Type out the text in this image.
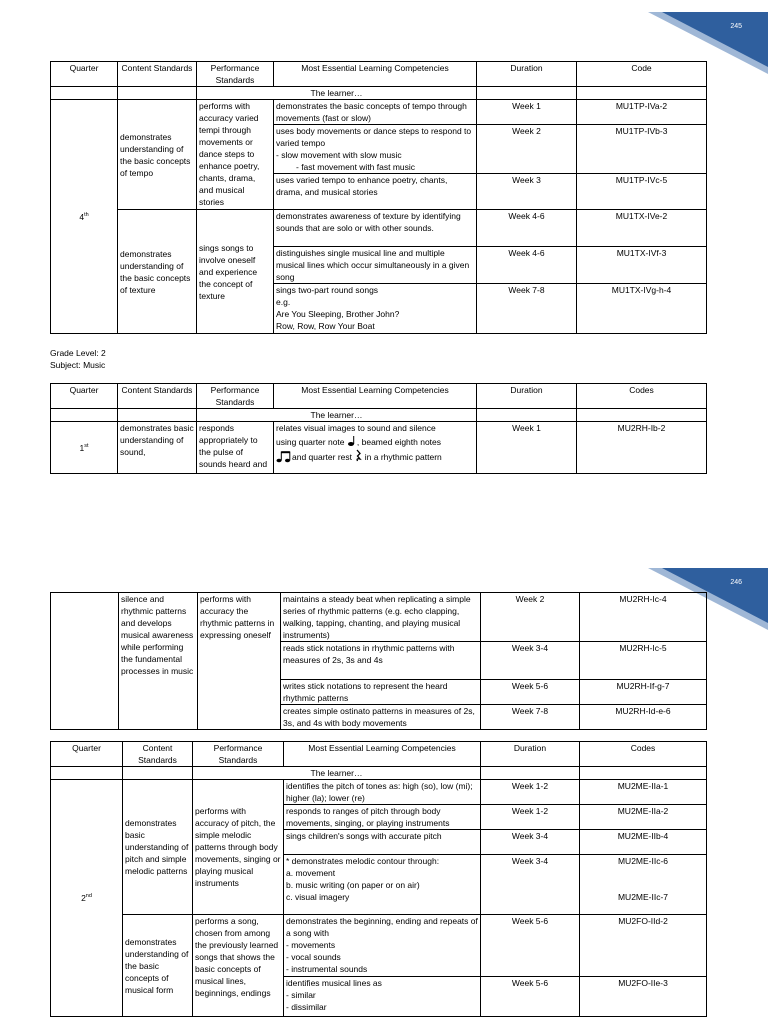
245
Quarter	Content Standards	Performance Standards	Most Essential Learning Competencies	Duration	Code
		The learner…			
4th	demonstrates understanding of the basic concepts of tempo	performs with accuracy varied tempi through movements or dance steps to enhance poetry, chants, drama, and musical stories	demonstrates the basic concepts of tempo through movements (fast or slow)	Week 1	MU1TP-IVa-2

			uses body movements or dance steps to respond to varied tempo
- slow movement with slow music
- fast movement with fast music	Week 2	MU1TP-IVb-3

			uses varied tempo to enhance poetry, chants, drama, and musical stories	Week 3	MU1TP-IVc-5
	demonstrates understanding of the basic concepts of texture	sings songs to involve oneself and experience the concept of texture	demonstrates awareness of texture by identifying sounds that are solo or with other sounds.	Week 4-6	MU1TX-IVe-2

			distinguishes single musical line and multiple musical lines which occur simultaneously in a given song	Week 4-6	MU1TX-IVf-3

			sings two-part round songs
e.g.
Are You Sleeping, Brother John?
Row, Row, Row Your Boat	Week 7-8	MU1TX-IVg-h-4
Grade Level: 2
Subject: Music
Quarter	Content Standards	Performance Standards	Most Essential Learning Competencies	Duration	Codes
		The learner…			
1st	demonstrates basic understanding of sound,	responds appropriately to the pulse of sounds heard and	relates visual images to sound and silence
using quarter note , beamed eighth notes
and quarter rest in a rhythmic pattern	Week 1	MU2RH-Ib-2
246
	silence and rhythmic patterns and develops musical awareness while performing the fundamental processes in music	performs with accuracy the rhythmic patterns in expressing oneself	maintains a steady beat when replicating a simple series of rhythmic patterns (e.g. echo clapping, walking, tapping, chanting, and playing musical instruments)	Week 2	MU2RH-Ic-4

			reads stick notations in rhythmic patterns with measures of 2s, 3s and 4s	Week 3-4	MU2RH-Ic-5

			writes stick notations to represent the heard rhythmic patterns	Week 5-6	MU2RH-If-g-7

			creates simple ostinato patterns in measures of 2s, 3s, and 4s with body movements	Week 7-8	MU2RH-Id-e-6
Quarter	Content Standards	Performance Standards	Most Essential Learning Competencies	Duration	Codes
		The learner…			
2nd	demonstrates basic understanding of pitch and simple melodic patterns	performs with accuracy of pitch, the simple melodic patterns through body movements, singing or playing musical instruments	identifies the pitch of tones as: high (so), low (mi); higher (la); lower (re)	Week 1-2	MU2ME-IIa-1

			responds to ranges of pitch through body movements, singing, or playing instruments	Week 1-2	MU2ME-IIa-2

			sings children's songs with accurate pitch	Week 3-4	MU2ME-IIb-4

			* demonstrates melodic contour through:
a. movement
b. music writing (on paper or on air)
c. visual imagery	Week 3-4	MU2ME-IIc-6
MU2ME-IIc-7

	demonstrates understanding of the basic concepts of musical form	performs a song, chosen from among the previously learned songs that shows the basic concepts of musical lines, beginnings, endings	demonstrates the beginning, ending and repeats of a song with
- movements
- vocal sounds
- instrumental sounds	Week 5-6	MU2FO-IId-2

			identifies musical lines as
- similar
- dissimilar	Week 5-6	MU2FO-IIe-3
